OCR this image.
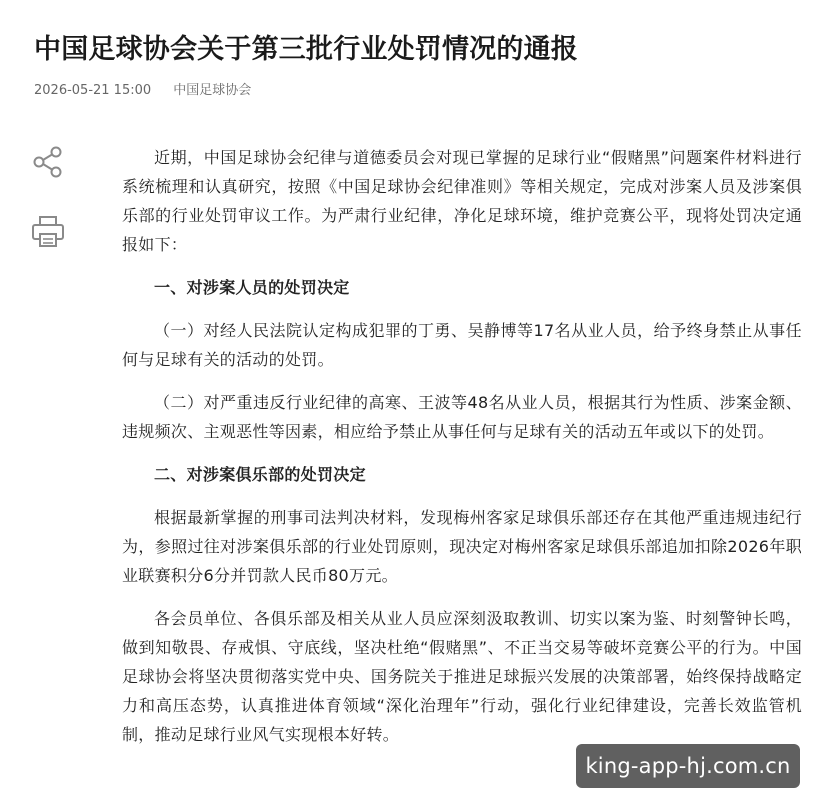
中国足球协会关于第三批行业处罚情况的通报
2026-05-21 15:00 中国足球协会

近期，中国足球协会纪律与道德委员会对现已掌握的足球行业“假赌黑”问题案件材料进行系统梳理和认真研究，按照《中国足球协会纪律准则》等相关规定，完成对涉案人员及涉案俱乐部的行业处罚审议工作。为严肃行业纪律，净化足球环境，维护竞赛公平，现将处罚决定通报如下：

一、对涉案人员的处罚决定

（一）对经人民法院认定构成犯罪的丁勇、吴静博等17名从业人员，给予终身禁止从事任何与足球有关的活动的处罚。

（二）对严重违反行业纪律的高寒、王波等48名从业人员，根据其行为性质、涉案金额、违规频次、主观恶性等因素，相应给予禁止从事任何与足球有关的活动五年或以下的处罚。

二、对涉案俱乐部的处罚决定

根据最新掌握的刑事司法判决材料，发现梅州客家足球俱乐部还存在其他严重违规违纪行为，参照过往对涉案俱乐部的行业处罚原则，现决定对梅州客家足球俱乐部追加扣除2026年职业联赛积分6分并罚款人民币80万元。

各会员单位、各俱乐部及相关从业人员应深刻汲取教训、切实以案为鉴、时刻警钟长鸣，做到知敬畏、存戒惧、守底线，坚决杜绝“假赌黑”、不正当交易等破坏竞赛公平的行为。中国足球协会将坚决贯彻落实党中央、国务院关于推进足球振兴发展的决策部署，始终保持战略定力和高压态势，认真推进体育领域“深化治理年”行动，强化行业纪律建设，完善长效监管机制，推动足球行业风气实现根本好转。

king-app-hj.com.cn
